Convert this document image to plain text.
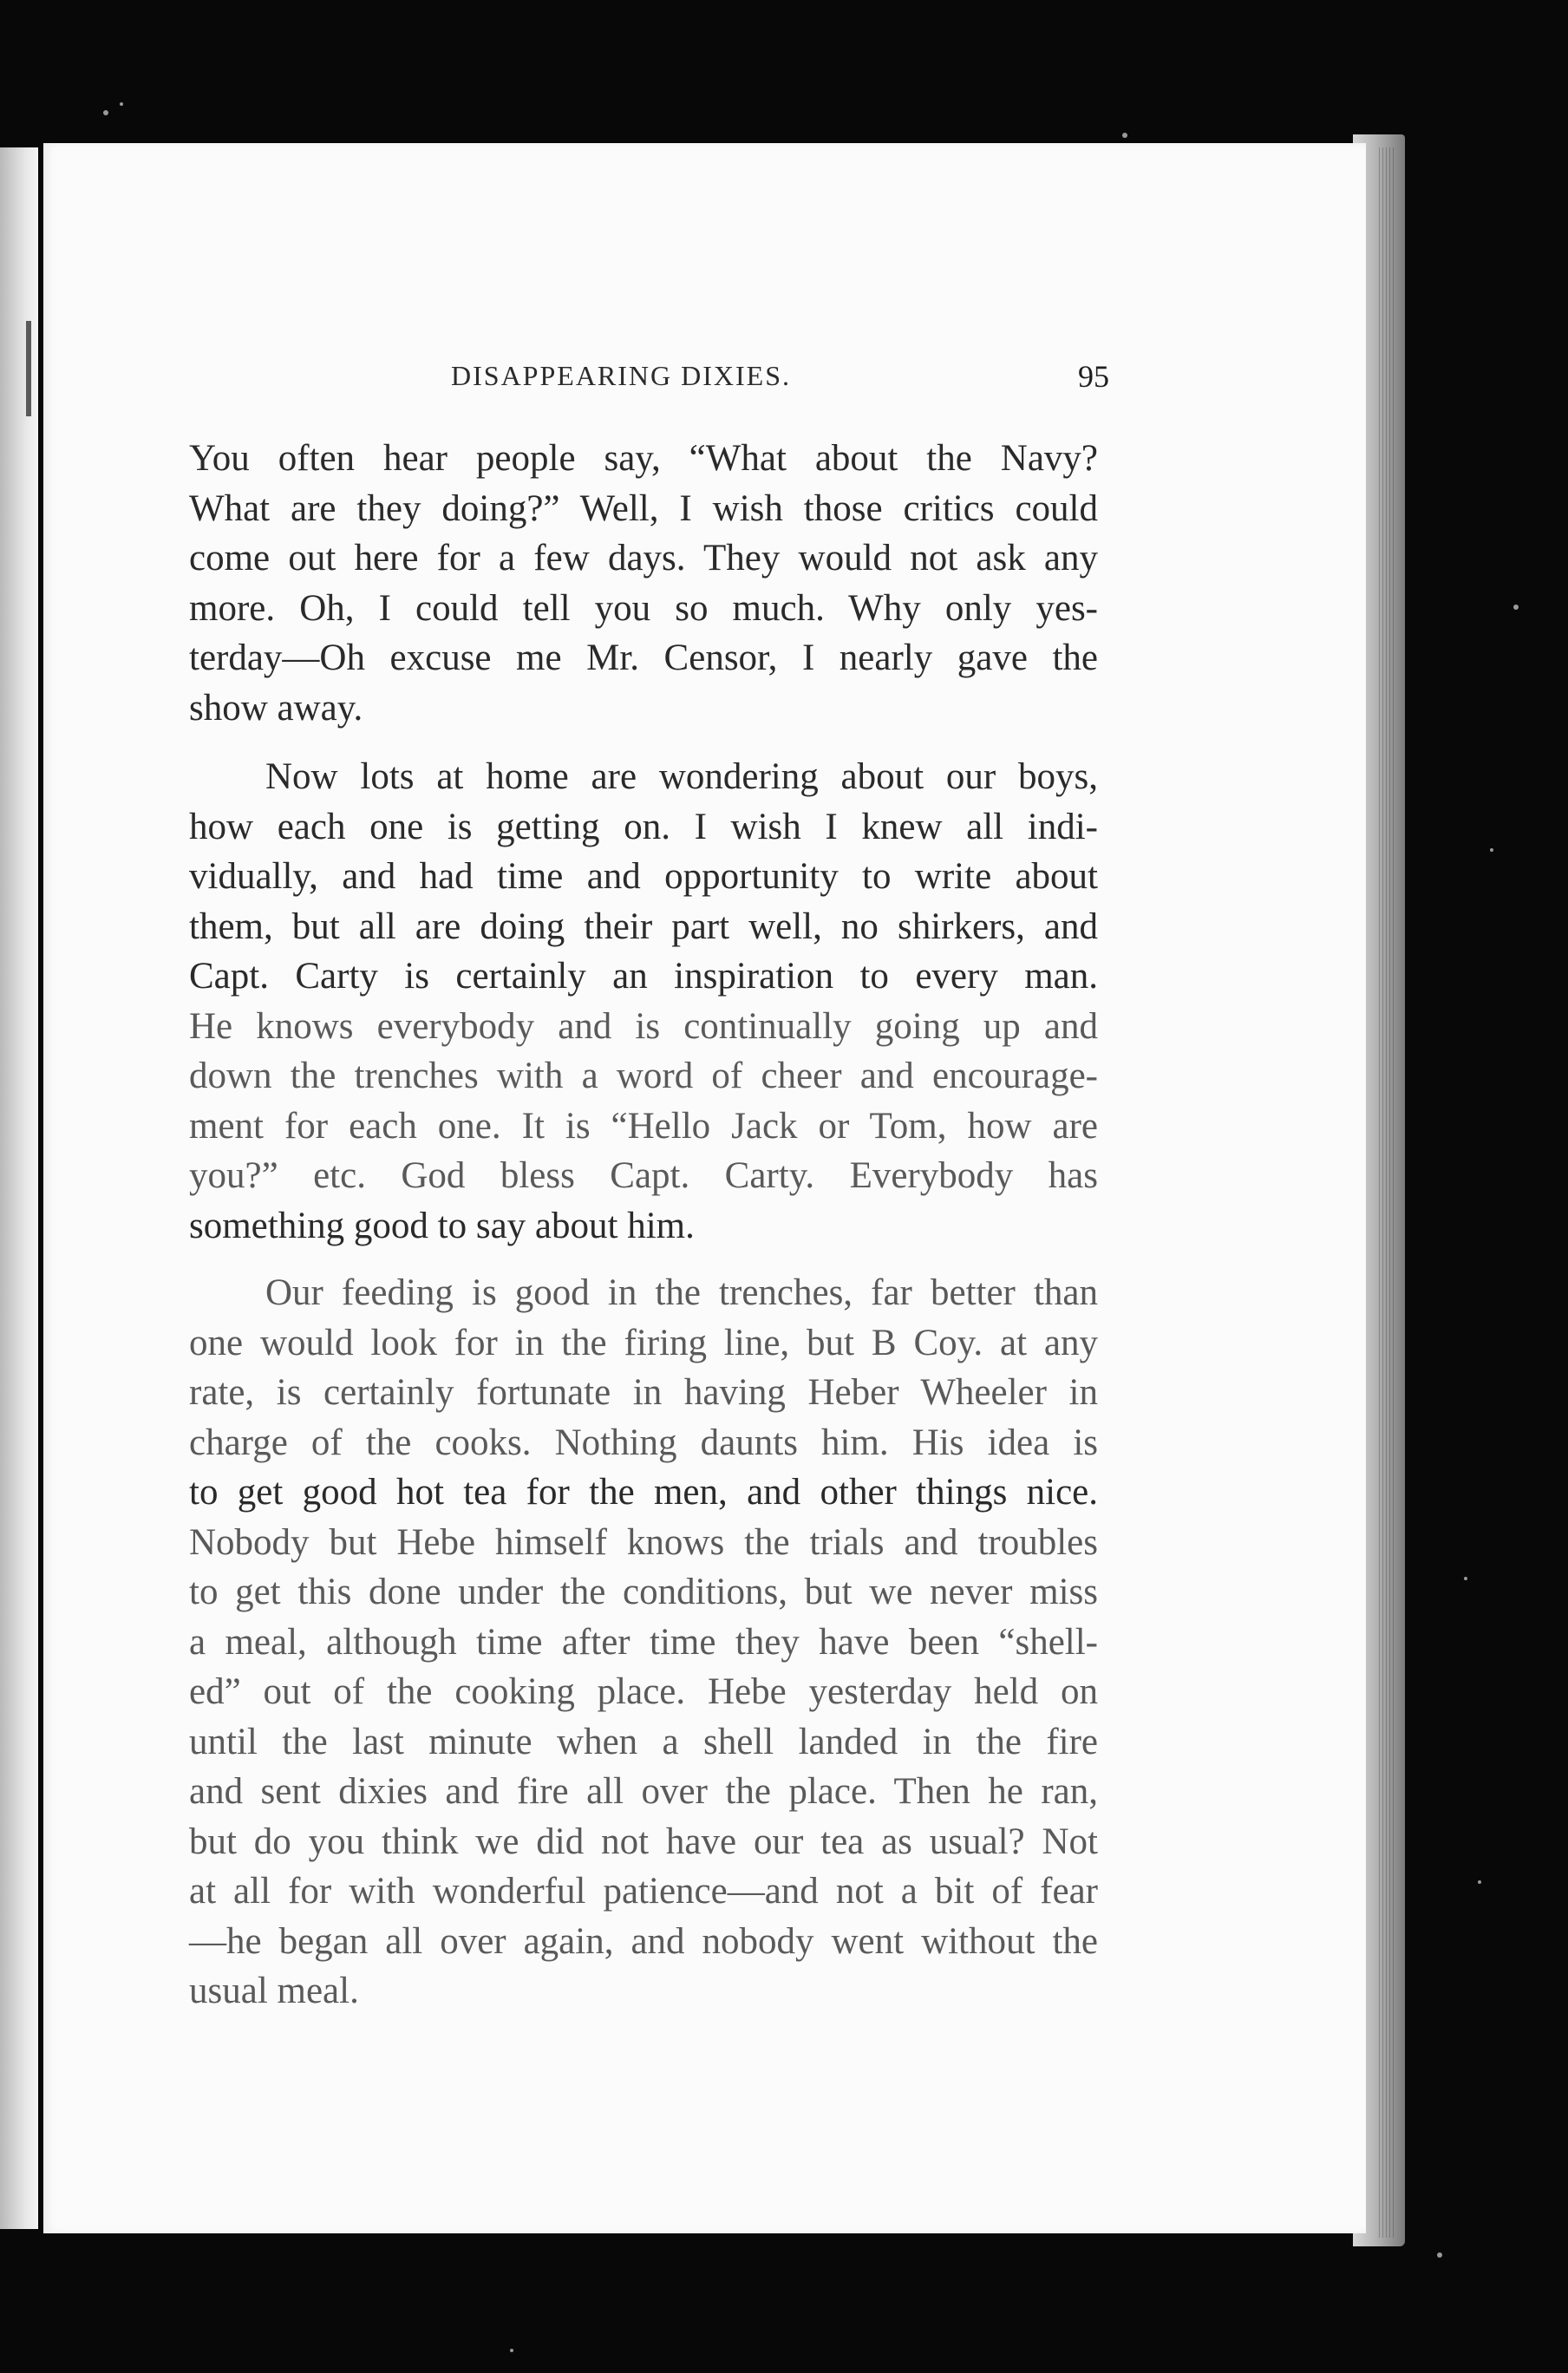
DISAPPEARING DIXIES.	95

You often hear people say, “What about the Navy?

What are they doing?” Well, I wish those critics could

come out here for a few days. They would not ask any

more. Oh, I could tell you so much. Why only yes-

terday—Oh excuse me Mr. Censor, I nearly gave the

show away.

Now lots at home are wondering about our boys,

how each one is getting on. I wish I knew all indi-

vidually, and had time and opportunity to write about

them, but all are doing their part well, no shirkers, and

Capt. Carty is certainly an inspiration to every man.

He knows everybody and is continually going up and

down the trenches with a word of cheer and encourage-

ment for each one. It is “Hello Jack or Tom, how are

you?” etc. God bless Capt. Carty. Everybody has

something good to say about him.

Our feeding is good in the trenches, far better than

one would look for in the firing line, but B Coy. at any

rate, is certainly fortunate in having Heber Wheeler in

charge of the cooks. Nothing daunts him. His idea is

to get good hot tea for the men, and other things nice.

Nobody but Hebe himself knows the trials and troubles

to get this done under the conditions, but we never miss

a meal, although time after time they have been “shell-

ed” out of the cooking place. Hebe yesterday held on

until the last minute when a shell landed in the fire

and sent dixies and fire all over the place. Then he ran,

but do you think we did not have our tea as usual? Not

at all for with wonderful patience—and not a bit of fear

—he began all over again, and nobody went without the

usual meal.
